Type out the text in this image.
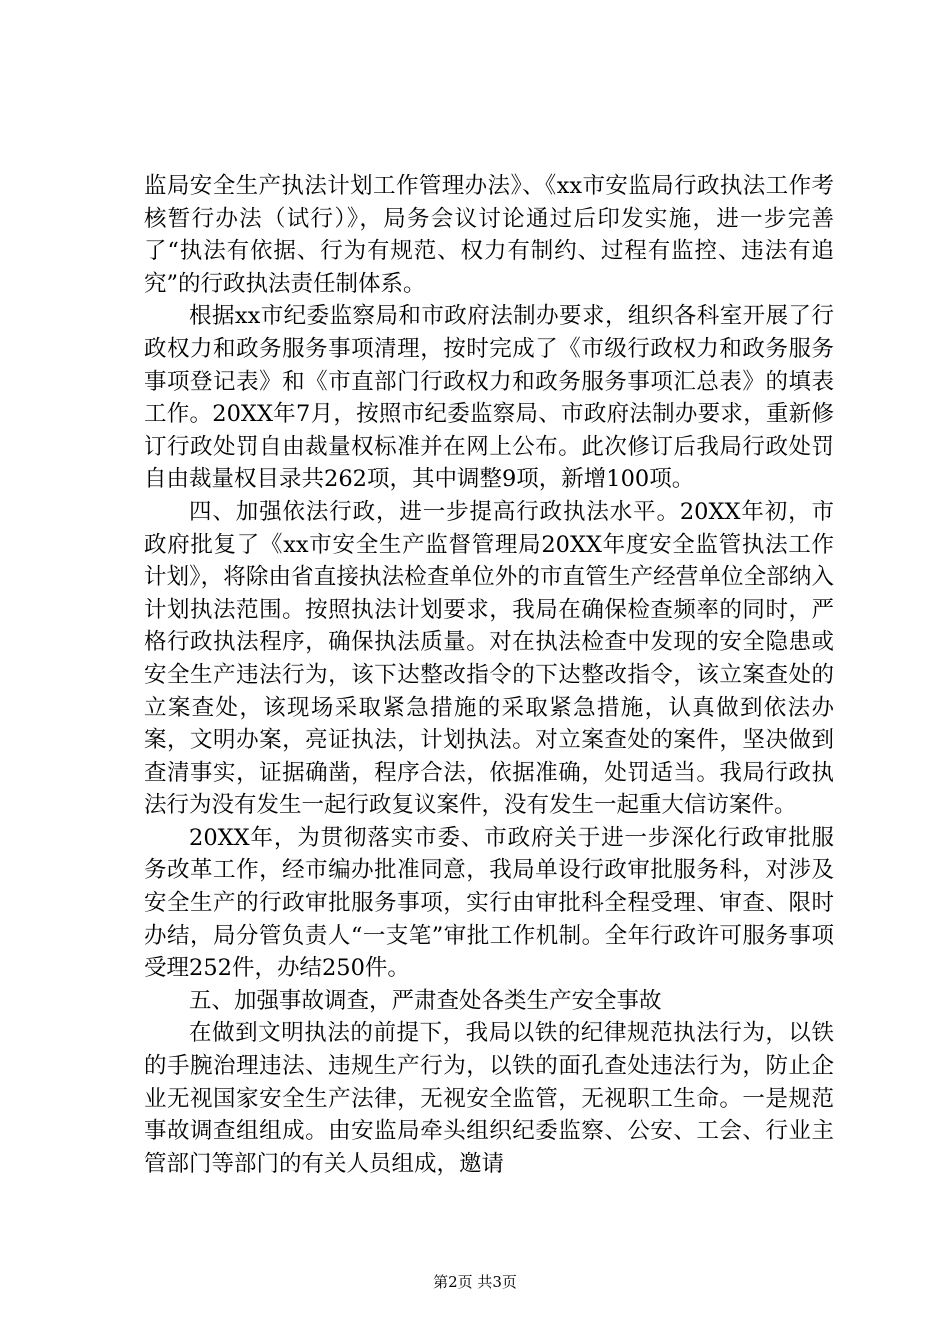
监局安全生产执法计划工作管理办法》、《xx市安监局行政执法工作考核暂行办法（试行）》，局务会议讨论通过后印发实施，进一步完善了“执法有依据、行为有规范、权力有制约、过程有监控、违法有追究”的行政执法责任制体系。

根据xx市纪委监察局和市政府法制办要求，组织各科室开展了行政权力和政务服务事项清理，按时完成了《市级行政权力和政务服务事项登记表》和《市直部门行政权力和政务服务事项汇总表》的填表工作。20XX年7月，按照市纪委监察局、市政府法制办要求，重新修订行政处罚自由裁量权标准并在网上公布。此次修订后我局行政处罚自由裁量权目录共262项，其中调整9项，新增100项。

四、加强依法行政，进一步提高行政执法水平。20XX年初，市政府批复了《xx市安全生产监督管理局20XX年度安全监管执法工作计划》，将除由省直接执法检查单位外的市直管生产经营单位全部纳入计划执法范围。按照执法计划要求，我局在确保检查频率的同时，严格行政执法程序，确保执法质量。对在执法检查中发现的安全隐患或安全生产违法行为，该下达整改指令的下达整改指令，该立案查处的立案查处，该现场采取紧急措施的采取紧急措施，认真做到依法办案，文明办案，亮证执法，计划执法。对立案查处的案件，坚决做到查清事实，证据确凿，程序合法，依据准确，处罚适当。我局行政执法行为没有发生一起行政复议案件，没有发生一起重大信访案件。

20XX年，为贯彻落实市委、市政府关于进一步深化行政审批服务改革工作，经市编办批准同意，我局单设行政审批服务科，对涉及安全生产的行政审批服务事项，实行由审批科全程受理、审查、限时办结，局分管负责人“一支笔”审批工作机制。全年行政许可服务事项受理252件，办结250件。

五、加强事故调查，严肃查处各类生产安全事故

在做到文明执法的前提下，我局以铁的纪律规范执法行为，以铁的手腕治理违法、违规生产行为，以铁的面孔查处违法行为，防止企业无视国家安全生产法律，无视安全监管，无视职工生命。一是规范事故调查组组成。由安监局牵头组织纪委监察、公安、工会、行业主管部门等部门的有关人员组成，邀请

第2页 共3页
